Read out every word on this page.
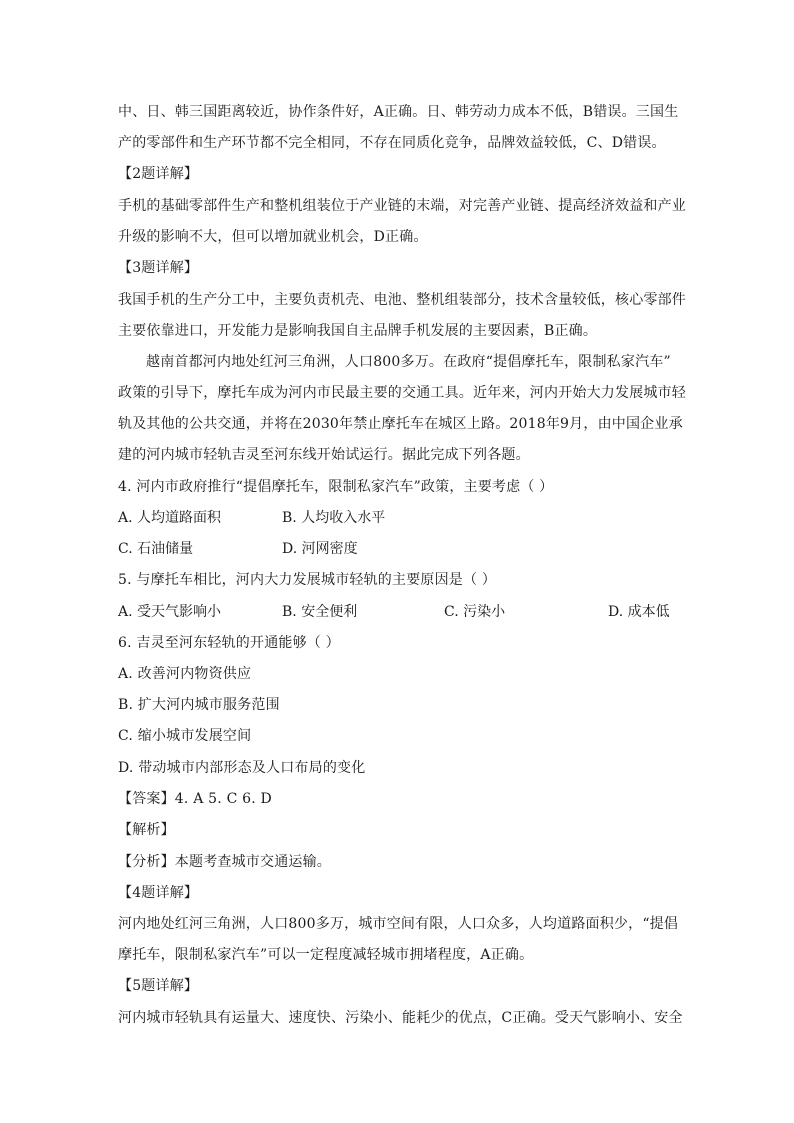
中、日、韩三国距离较近，协作条件好，A正确。日、韩劳动力成本不低，B错误。三国生
产的零部件和生产环节都不完全相同，不存在同质化竞争，品牌效益较低，C、D错误。
【2题详解】
手机的基础零部件生产和整机组装位于产业链的末端，对完善产业链、提高经济效益和产业
升级的影响不大，但可以增加就业机会，D正确。
【3题详解】
我国手机的生产分工中，主要负责机壳、电池、整机组装部分，技术含量较低，核心零部件
主要依靠进口，开发能力是影响我国自主品牌手机发展的主要因素，B正确。
越南首都河内地处红河三角洲，人口800多万。在政府“提倡摩托车，限制私家汽车”
政策的引导下，摩托车成为河内市民最主要的交通工具。近年来，河内开始大力发展城市轻
轨及其他的公共交通，并将在2030年禁止摩托车在城区上路。2018年9月，由中国企业承
建的河内城市轻轨吉灵至河东线开始试运行。据此完成下列各题。
4. 河内市政府推行“提倡摩托车，限制私家汽车”政策，主要考虑（ ）
A. 人均道路面积	B. 人均收入水平
C. 石油储量	D. 河网密度
5. 与摩托车相比，河内大力发展城市轻轨的主要原因是（ ）
A. 受天气影响小	B. 安全便利	C. 污染小	D. 成本低
6. 吉灵至河东轻轨的开通能够（ ）
A. 改善河内物资供应
B. 扩大河内城市服务范围
C. 缩小城市发展空间
D. 带动城市内部形态及人口布局的变化
【答案】4. A 5. C 6. D
【解析】
【分析】本题考查城市交通运输。
【4题详解】
河内地处红河三角洲，人口800多万，城市空间有限，人口众多，人均道路面积少，“提倡
摩托车，限制私家汽车”可以一定程度减轻城市拥堵程度，A正确。
【5题详解】
河内城市轻轨具有运量大、速度快、污染小、能耗少的优点，C正确。受天气影响小、安全
